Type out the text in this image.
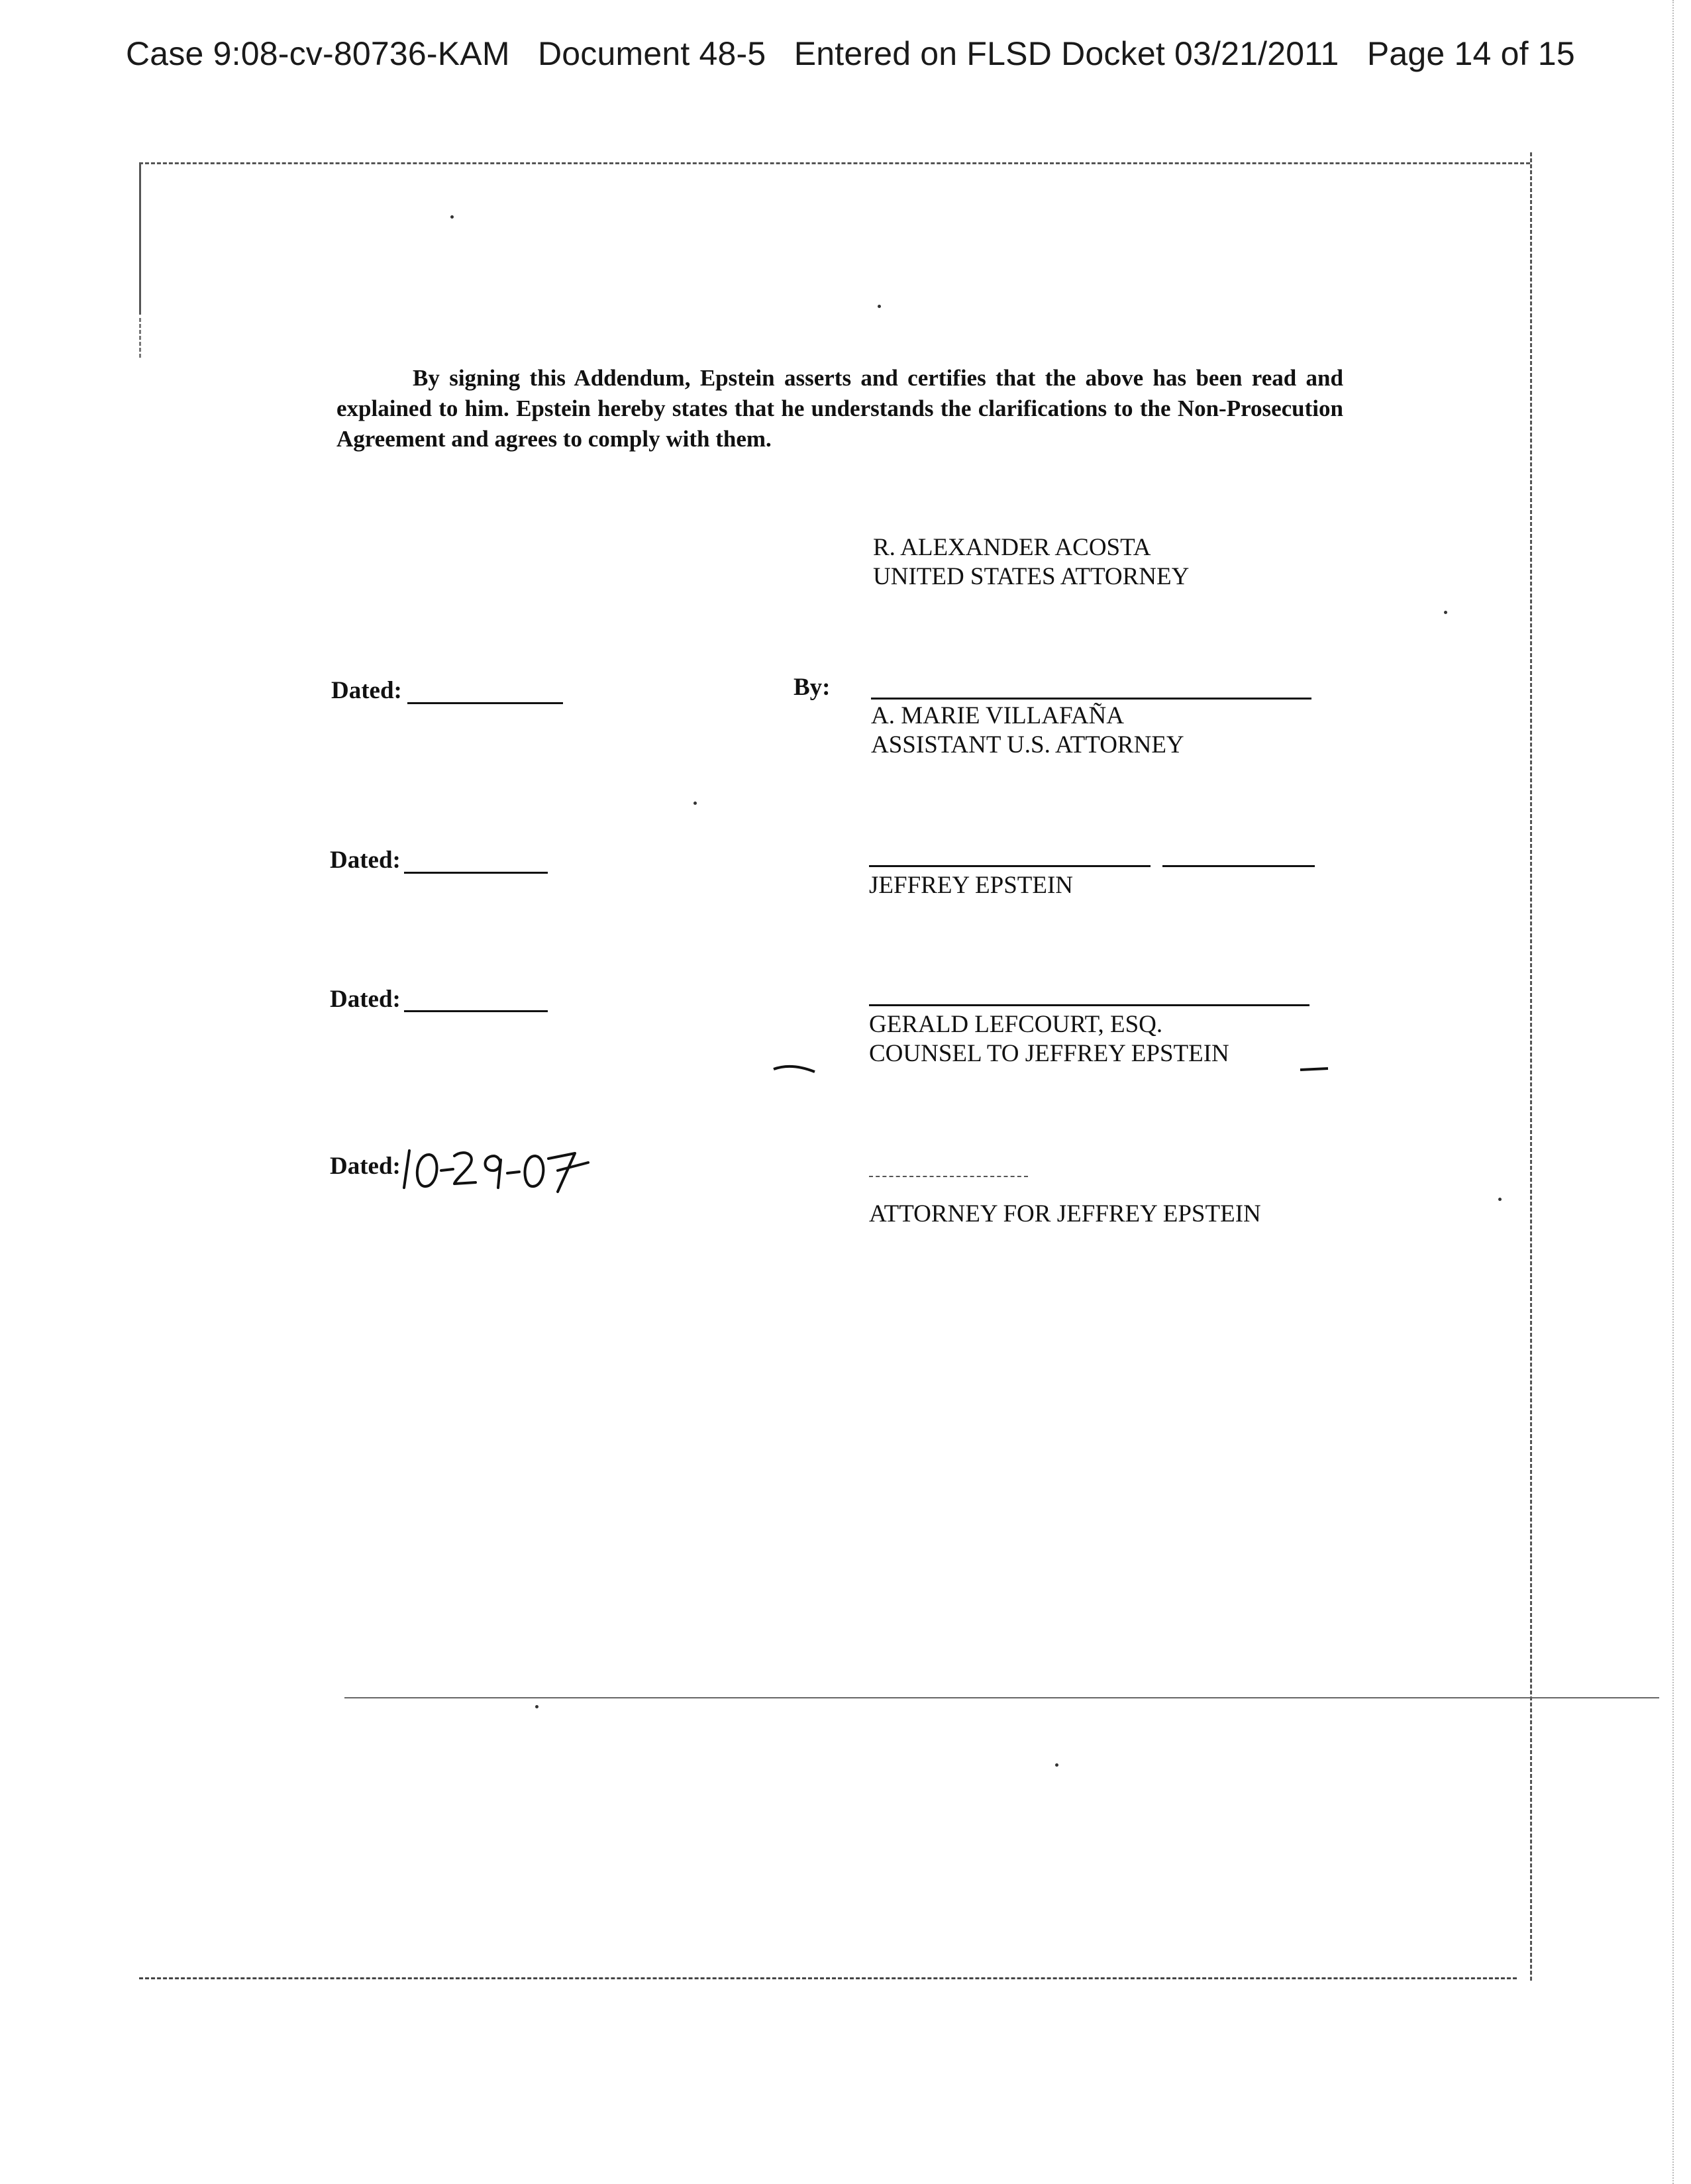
Case 9:08-cv-80736-KAM Document 48-5 Entered on FLSD Docket 03/21/2011 Page 14 of 15
By signing this Addendum, Epstein asserts and certifies that the above has been read and explained to him. Epstein hereby states that he understands the clarifications to the Non-Prosecution Agreement and agrees to comply with them.
R. ALEXANDER ACOSTA
UNITED STATES ATTORNEY
Dated:	By:
A. MARIE VILLAFAÑA
ASSISTANT U.S. ATTORNEY
Dated:
JEFFREY EPSTEIN
Dated:
GERALD LEFCOURT, ESQ.
COUNSEL TO JEFFREY EPSTEIN
Dated:
ATTORNEY FOR JEFFREY EPSTEIN
